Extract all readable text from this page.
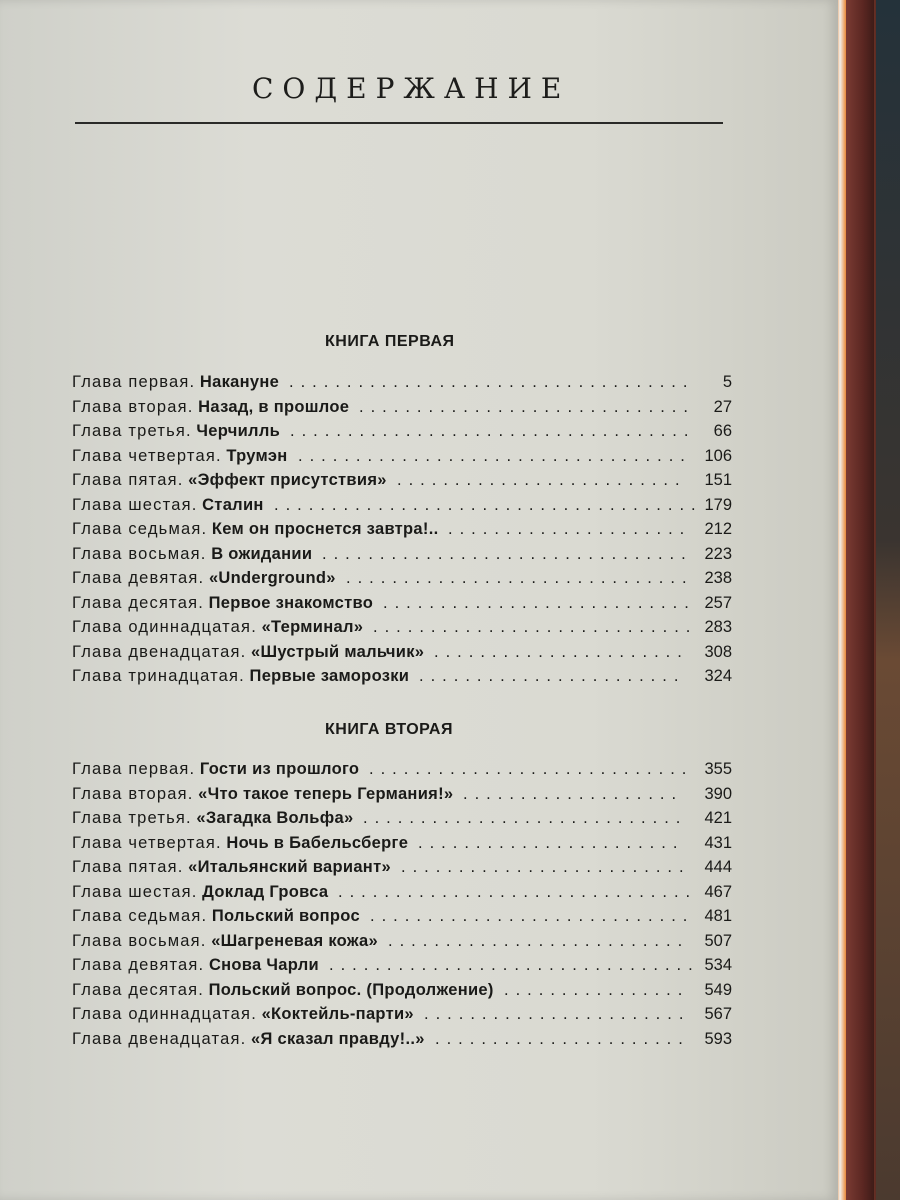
СОДЕРЖАНИЕ
КНИГА ПЕРВАЯ
Глава первая. Накануне ...................................	5
Глава вторая. Назад, в прошлое .............................	27
Глава третья. Черчилль ...................................	66
Глава четвертая. Трумэн .................................. 106
Глава пятая. «Эффект присутствия» .........................	151
Глава шестая. Сталин ..................................... 179
Глава седьмая. Кем он проснется завтра!.. ..................... 212
Глава восьмая. В ожидании ................................ 223
Глава девятая. «Underground» .............................. 238
Глава десятая. Первое знакомство ........................... 257
Глава одиннадцатая. «Терминал» ............................ 283
Глава двенадцатая. «Шустрый мальчик» ...................... 308
Глава тринадцатая. Первые заморозки .......................	324
КНИГА ВТОРАЯ
Глава первая. Гости из прошлого ............................ 355
Глава вторая. «Что такое теперь Германия!» ...................	390
Глава третья. «Загадка Вольфа» ............................	421
Глава четвертая. Ночь в Бабельсберге .......................	431
Глава пятая. «Итальянский вариант» ......................... 444
Глава шестая. Доклад Гровса ............................... 467
Глава седьмая. Польский вопрос ............................ 481
Глава восьмая. «Шагреневая кожа» .......................... 507
Глава девятая. Снова Чарли ................................ 534
Глава десятая. Польский вопрос. (Продолжение) ................ 549
Глава одиннадцатая. «Коктейль-парти» ....................... 567
Глава двенадцатая. «Я сказал правду!..» ...................... 593
